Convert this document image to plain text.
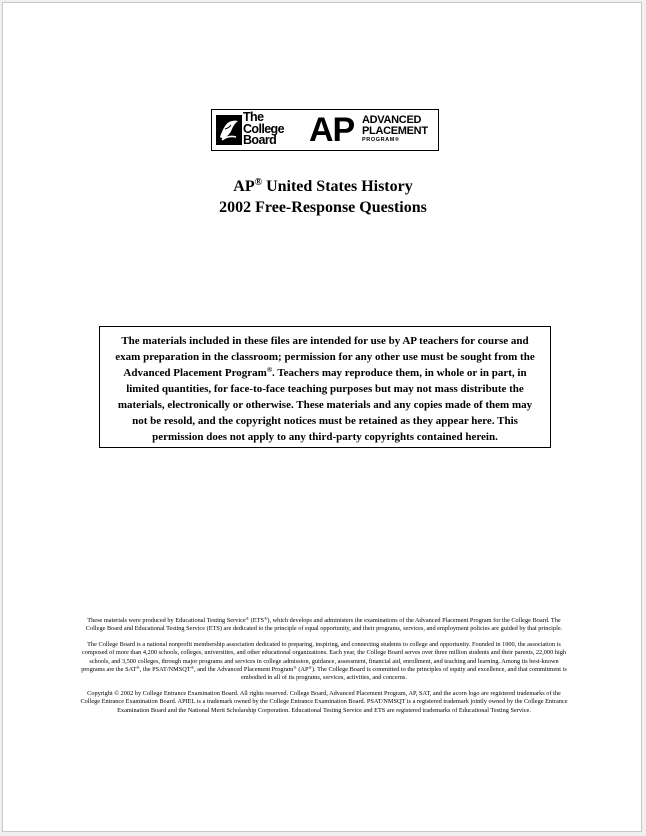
The
College
Board AP ADVANCED
PLACEMENT
PROGRAM®
AP® United States History
2002 Free-Response Questions
The materials included in these files are intended for use by AP teachers for course and exam preparation in the classroom; permission for any other use must be sought from the Advanced Placement Program®. Teachers may reproduce them, in whole or in part, in limited quantities, for face-to-face teaching purposes but may not mass distribute the materials, electronically or otherwise. These materials and any copies made of them may not be resold, and the copyright notices must be retained as they appear here. This permission does not apply to any third-party copyrights contained herein.

These materials were produced by Educational Testing Service® (ETS®), which develops and administers the examinations of the Advanced Placement Program for the College Board. The College Board and Educational Testing Service (ETS) are dedicated to the principle of equal opportunity, and their programs, services, and employment policies are guided by that principle.

The College Board is a national nonprofit membership association dedicated to preparing, inspiring, and connecting students to college and opportunity. Founded in 1900, the association is composed of more than 4,200 schools, colleges, universities, and other educational organizations. Each year, the College Board serves over three million students and their parents, 22,000 high schools, and 3,500 colleges, through major programs and services in college admission, guidance, assessment, financial aid, enrollment, and teaching and learning. Among its best-known programs are the SAT®, the PSAT/NMSQT®, and the Advanced Placement Program® (AP®). The College Board is committed to the principles of equity and excellence, and that commitment is embodied in all of its programs, services, activities, and concerns.

Copyright © 2002 by College Entrance Examination Board. All rights reserved. College Board, Advanced Placement Program, AP, SAT, and the acorn logo are registered trademarks of the College Entrance Examination Board. APIEL is a trademark owned by the College Entrance Examination Board. PSAT/NMSQT is a registered trademark jointly owned by the College Entrance Examination Board and the National Merit Scholarship Corporation. Educational Testing Service and ETS are registered trademarks of Educational Testing Service.
